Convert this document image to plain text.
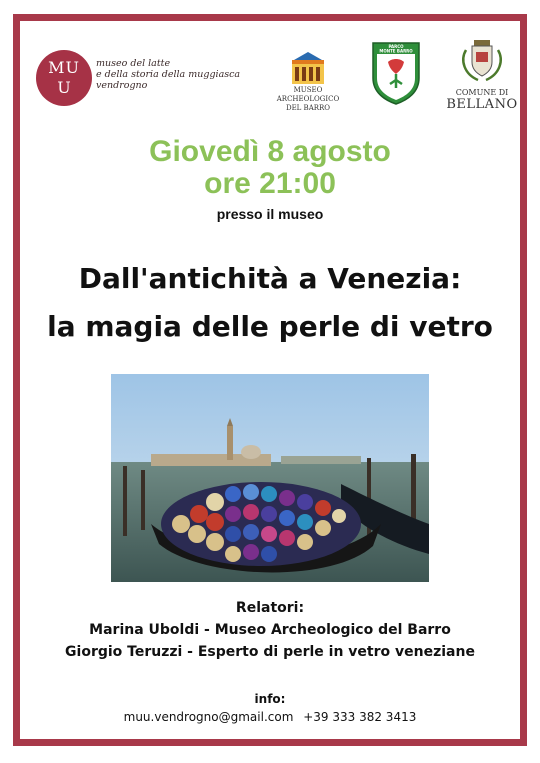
MU
U
museo del latte
e della storia della muggiasca
vendrogno	MUSEO ARCHEOLOGICO
DEL BARRO
PARCO
MONTE BARRO
COMUNE DI
BELLANO
Giovedì 8 agosto
ore 21:00
presso il museo
Dall'antichità a Venezia:
la magia delle perle di vetro
Relatori:
Marina Uboldi - Museo Archeologico del Barro
Giorgio Teruzzi - Esperto di perle in vetro veneziane
info:
muu.vendrogno@gmail.com +39 333 382 3413
